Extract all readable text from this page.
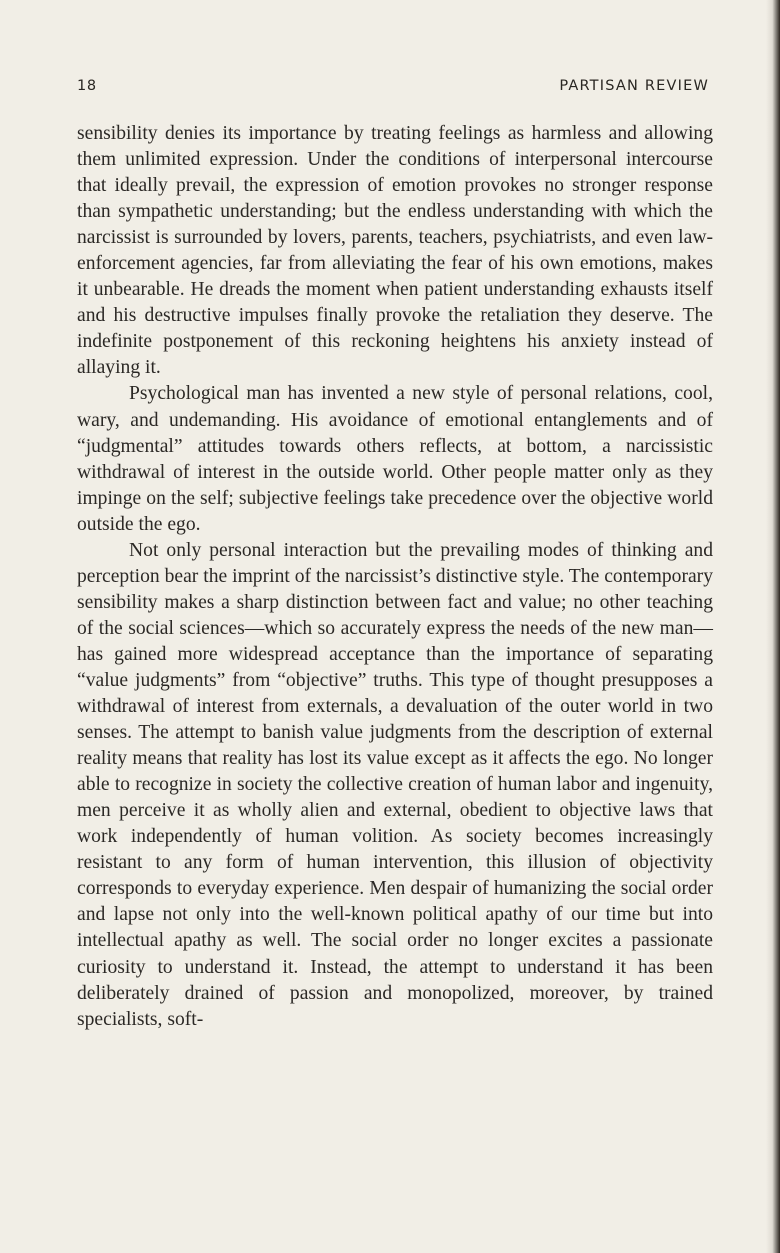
18	PARTISAN REVIEW

sensibility denies its importance by treating feelings as harmless and allowing them unlimited expression. Under the conditions of interpersonal intercourse that ideally prevail, the expression of emotion provokes no stronger response than sympathetic understanding; but the endless understanding with which the narcissist is surrounded by lovers, parents, teachers, psychiatrists, and even law-enforcement agencies, far from alleviating the fear of his own emotions, makes it unbearable. He dreads the moment when patient understanding exhausts itself and his destructive impulses finally provoke the retaliation they deserve. The indefinite postponement of this reckoning heightens his anxiety instead of allaying it.

Psychological man has invented a new style of personal relations, cool, wary, and undemanding. His avoidance of emotional entanglements and of “judgmental” attitudes towards others reflects, at bottom, a narcissistic withdrawal of interest in the outside world. Other people matter only as they impinge on the self; subjective feelings take precedence over the objective world outside the ego.

Not only personal interaction but the prevailing modes of thinking and perception bear the imprint of the narcissist’s distinctive style. The contemporary sensibility makes a sharp distinction between fact and value; no other teaching of the social sciences—which so accurately express the needs of the new man—has gained more widespread acceptance than the importance of separating “value judgments” from “objective” truths. This type of thought presupposes a withdrawal of interest from externals, a devaluation of the outer world in two senses. The attempt to banish value judgments from the description of external reality means that reality has lost its value except as it affects the ego. No longer able to recognize in society the collective creation of human labor and ingenuity, men perceive it as wholly alien and external, obedient to objective laws that work independently of human volition. As society becomes increasingly resistant to any form of human intervention, this illusion of objectivity corresponds to everyday experience. Men despair of humanizing the social order and lapse not only into the well-known political apathy of our time but into intellectual apathy as well. The social order no longer excites a passionate curiosity to understand it. Instead, the attempt to understand it has been deliberately drained of passion and monopolized, moreover, by trained specialists, soft-
